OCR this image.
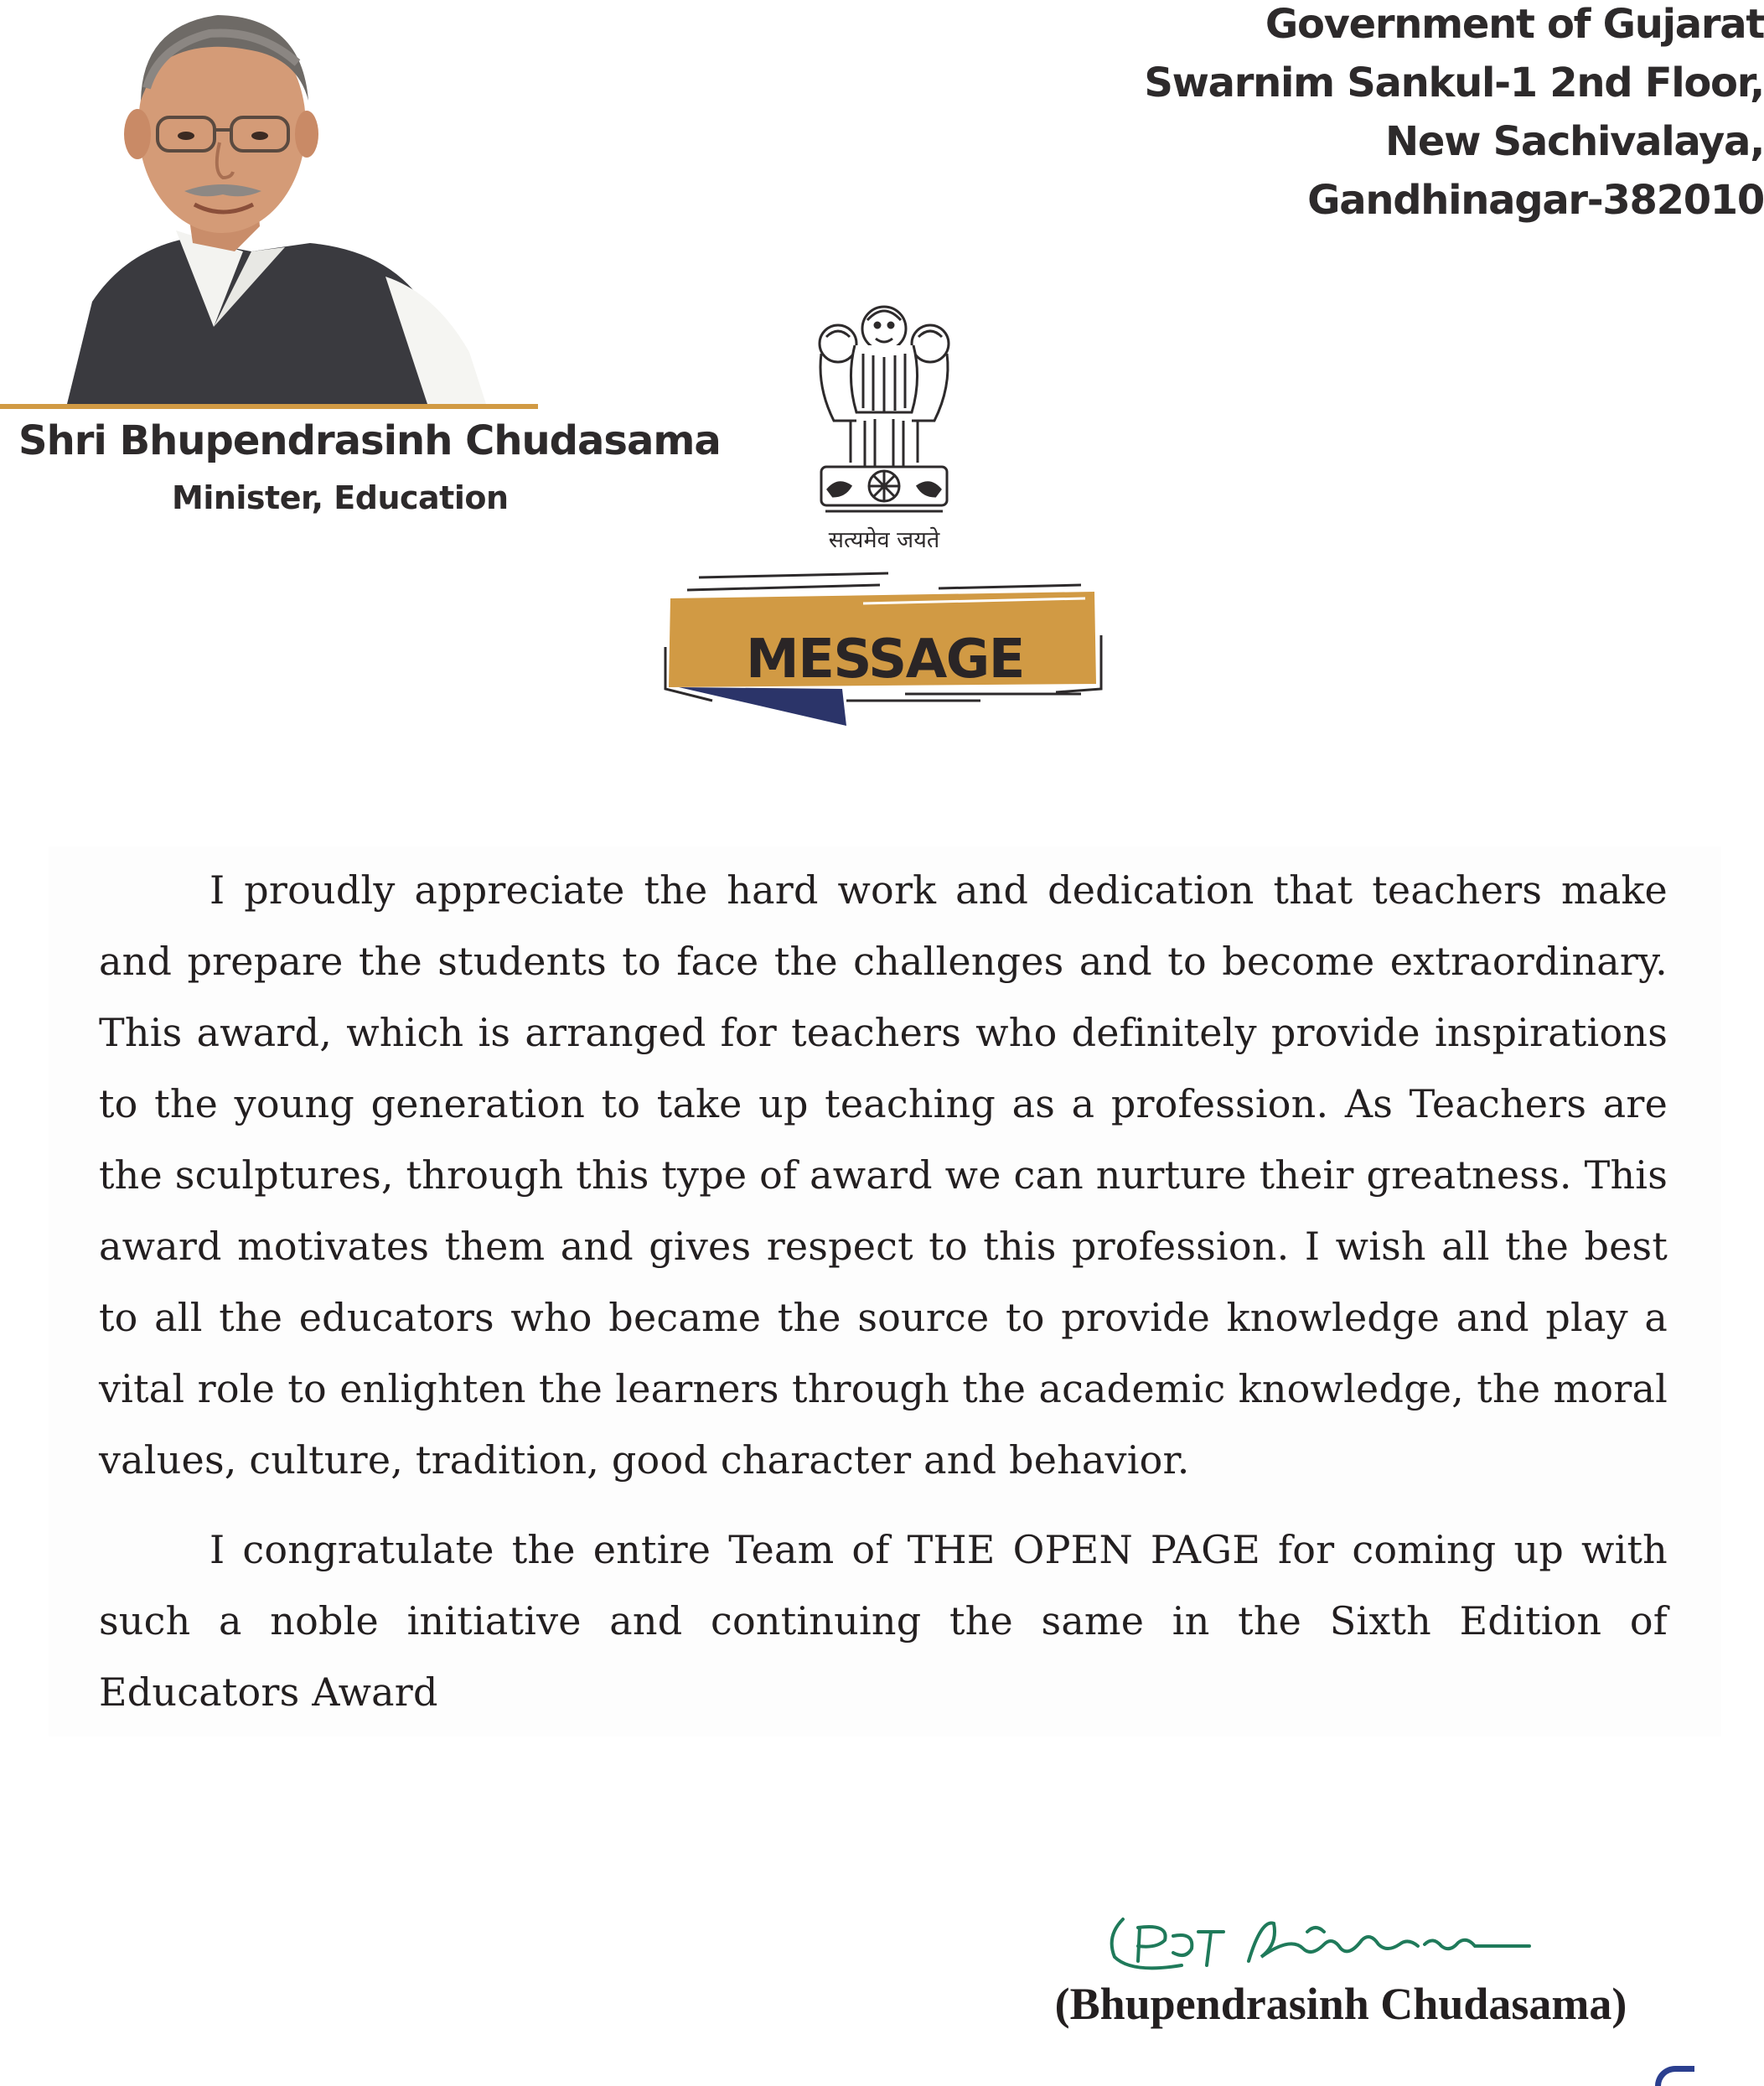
Shri Bhupendrasinh Chudasama
Minister, Education
Government of Gujarat
Swarnim Sankul-1 2nd Floor,
New Sachivalaya,
Gandhinagar-382010
सत्यमेव जयते
MESSAGE

I proudly appreciate the hard work and dedication that teachers make and prepare the students to face the challenges and to become extraordinary. This award, which is arranged for teachers who definitely provide inspirations to the young generation to take up teaching as a profession. As Teachers are the sculptures, through this type of award we can nurture their greatness. This award motivates them and gives respect to this profession. I wish all the best to all the educators who became the source to provide knowledge and play a vital role to enlighten the learners through the academic knowledge, the moral values, culture, tradition, good character and behavior.

I congratulate the entire Team of THE OPEN PAGE for coming up with such a noble initiative and continuing the same in the Sixth Edition of Educators Award

(Bhupendrasinh Chudasama)
